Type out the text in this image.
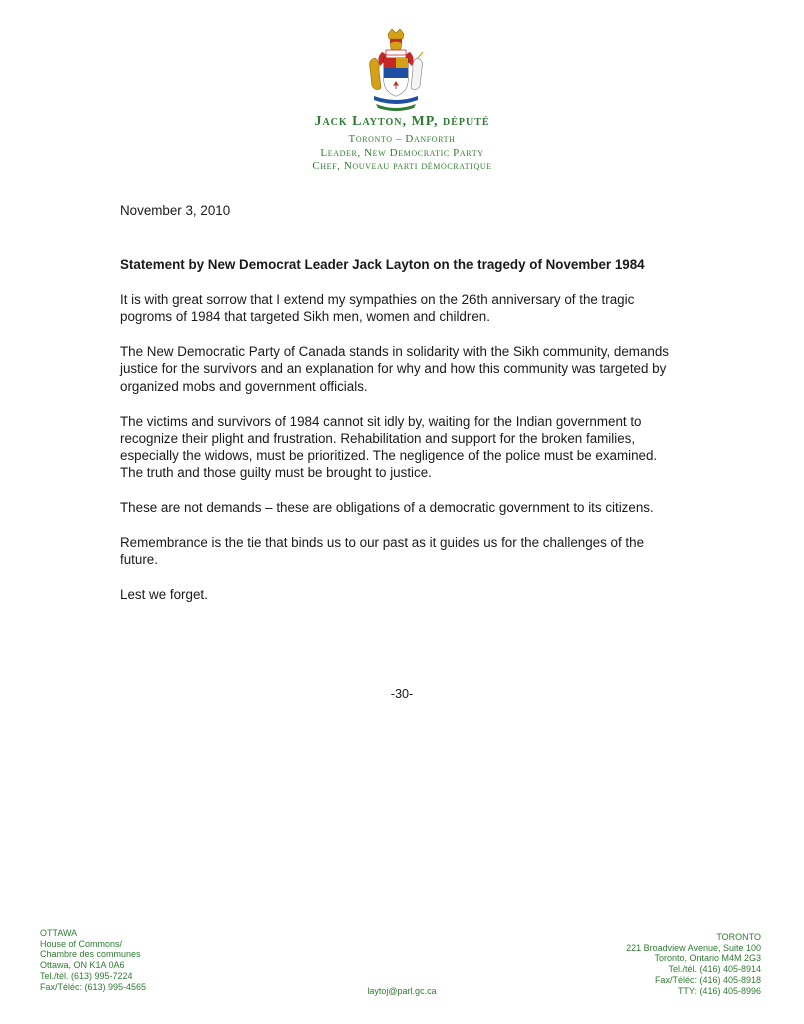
Jack Layton, MP, député
Toronto – Danforth
Leader, New Democratic Party
Chef, Nouveau parti démocratique

November 3, 2010

Statement by New Democrat Leader Jack Layton on the tragedy of November 1984

It is with great sorrow that I extend my sympathies on the 26th anniversary of the tragic pogroms of 1984 that targeted Sikh men, women and children.

The New Democratic Party of Canada stands in solidarity with the Sikh community, demands justice for the survivors and an explanation for why and how this community was targeted by organized mobs and government officials.

The victims and survivors of 1984 cannot sit idly by, waiting for the Indian government to recognize their plight and frustration. Rehabilitation and support for the broken families, especially the widows, must be prioritized. The negligence of the police must be examined. The truth and those guilty must be brought to justice.

These are not demands – these are obligations of a democratic government to its citizens.

Remembrance is the tie that binds us to our past as it guides us for the challenges of the future.

Lest we forget.

-30-
OTTAWA
House of Commons/
Chambre des communes
Ottawa, ON K1A 0A6
Tel./tél. (613) 995-7224
Fax/Téléc: (613) 995-4565	laytoj@parl.gc.ca
TORONTO
221 Broadview Avenue, Suite 100
Toronto, Ontario M4M 2G3
Tel./tél. (416) 405-8914
Fax/Téléc: (416) 405-8918
TTY: (416) 405-8996
